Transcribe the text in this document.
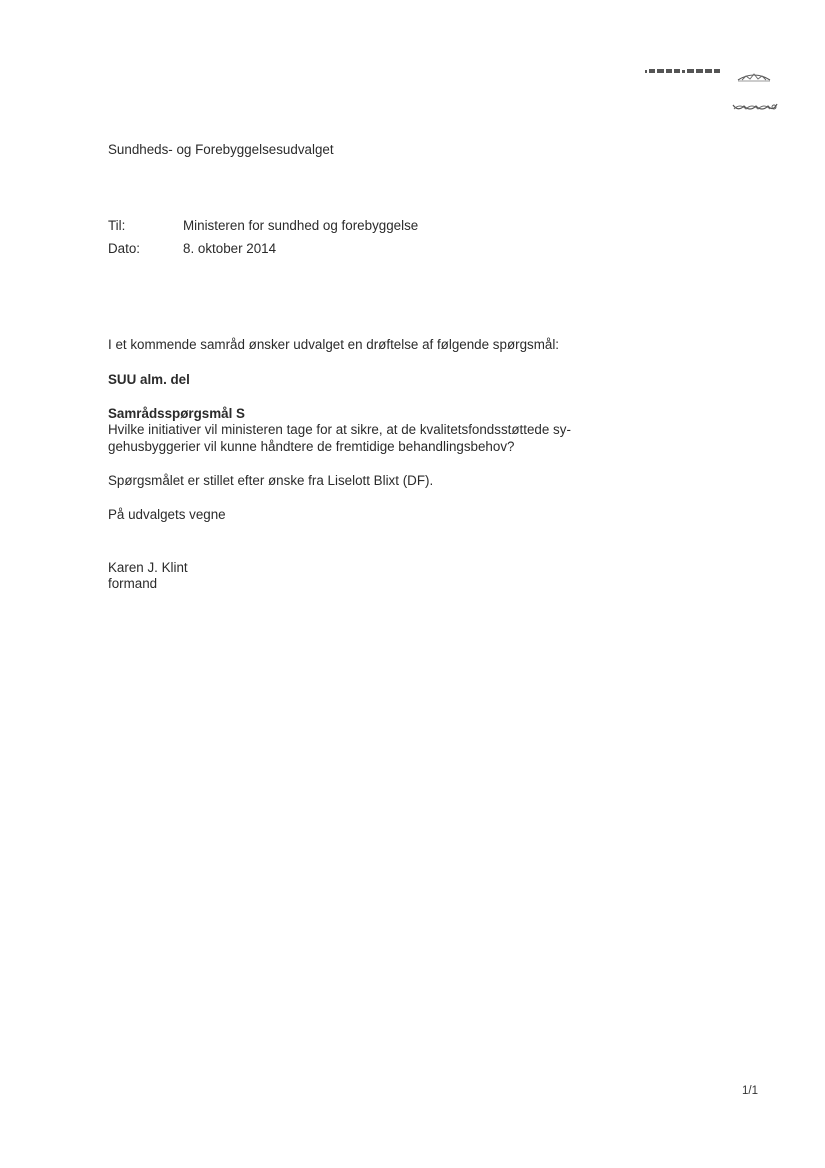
Sundheds- og Forebyggelsesudvalget
Til:	Ministeren for sundhed og forebyggelse
Dato:	8. oktober 2014
I et kommende samråd ønsker udvalget en drøftelse af følgende spørgsmål:
SUU alm. del
Samrådsspørgsmål S
Hvilke initiativer vil ministeren tage for at sikre, at de kvalitetsfondsstøttede sy-
gehusbyggerier vil kunne håndtere de fremtidige behandlingsbehov?
Spørgsmålet er stillet efter ønske fra Liselott Blixt (DF).
På udvalgets vegne
Karen J. Klint
formand
1/1
